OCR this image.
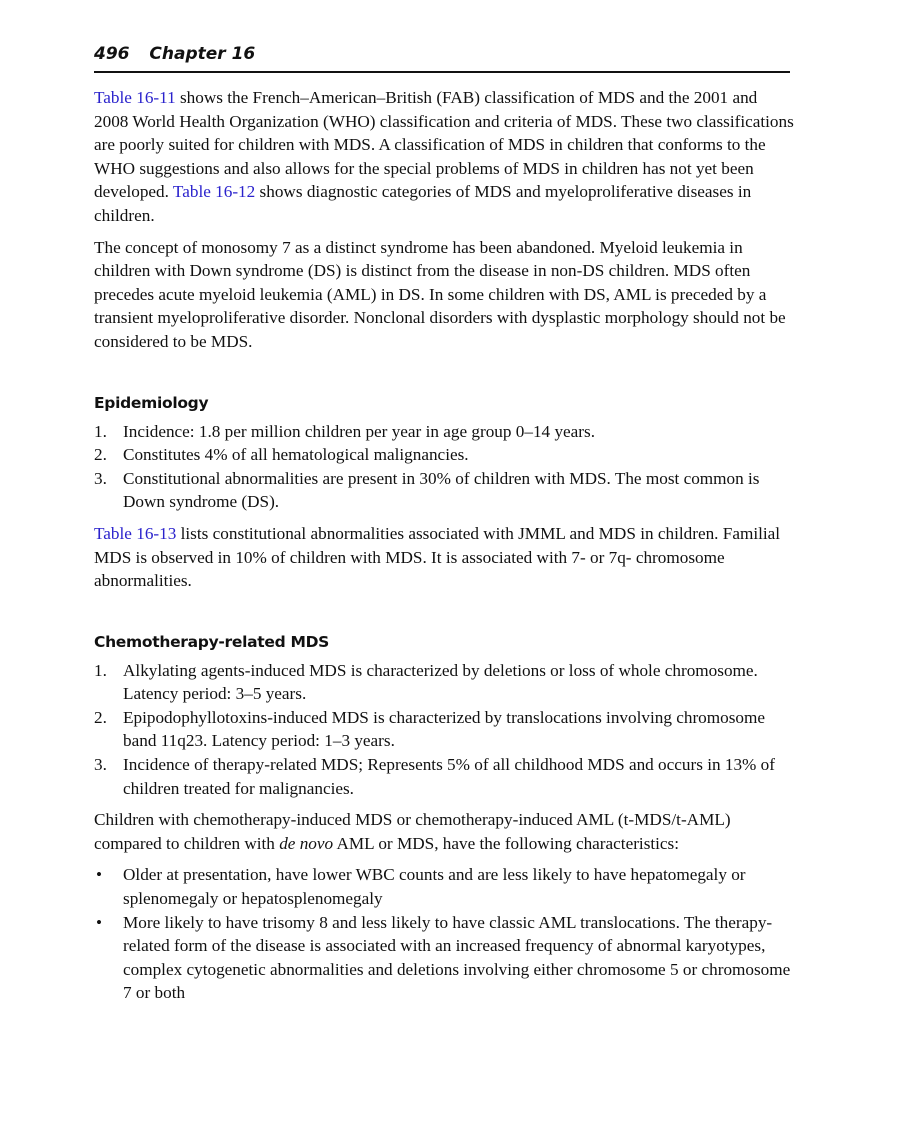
496 Chapter 16

Table 16-11 shows the French–American–British (FAB) classification of MDS and the 2001 and 2008 World Health Organization (WHO) classification and criteria of MDS. These two classifications are poorly suited for children with MDS. A classification of MDS in children that conforms to the WHO suggestions and also allows for the special problems of MDS in children has not yet been developed. Table 16-12 shows diagnostic categories of MDS and myeloproliferative diseases in children.

The concept of monosomy 7 as a distinct syndrome has been abandoned. Myeloid leukemia in children with Down syndrome (DS) is distinct from the disease in non-DS children. MDS often precedes acute myeloid leukemia (AML) in DS. In some children with DS, AML is preceded by a transient myeloproliferative disorder. Nonclonal disorders with dysplastic morphology should not be considered to be MDS.

Epidemiology
1. Incidence: 1.8 per million children per year in age group 0–14 years.
2. Constitutes 4% of all hematological malignancies.
3. Constitutional abnormalities are present in 30% of children with MDS. The most common is Down syndrome (DS).

Table 16-13 lists constitutional abnormalities associated with JMML and MDS in children. Familial MDS is observed in 10% of children with MDS. It is associated with 7- or 7q- chromosome abnormalities.

Chemotherapy-related MDS
1. Alkylating agents-induced MDS is characterized by deletions or loss of whole chromosome. Latency period: 3–5 years.
2. Epipodophyllotoxins-induced MDS is characterized by translocations involving chromosome band 11q23. Latency period: 1–3 years.
3. Incidence of therapy-related MDS; Represents 5% of all childhood MDS and occurs in 13% of children treated for malignancies.

Children with chemotherapy-induced MDS or chemotherapy-induced AML (t-MDS/t-AML) compared to children with de novo AML or MDS, have the following characteristics:

• Older at presentation, have lower WBC counts and are less likely to have hepatomegaly or splenomegaly or hepatosplenomegaly
• More likely to have trisomy 8 and less likely to have classic AML translocations. The therapy-related form of the disease is associated with an increased frequency of abnormal karyotypes, complex cytogenetic abnormalities and deletions involving either chromosome 5 or chromosome 7 or both
